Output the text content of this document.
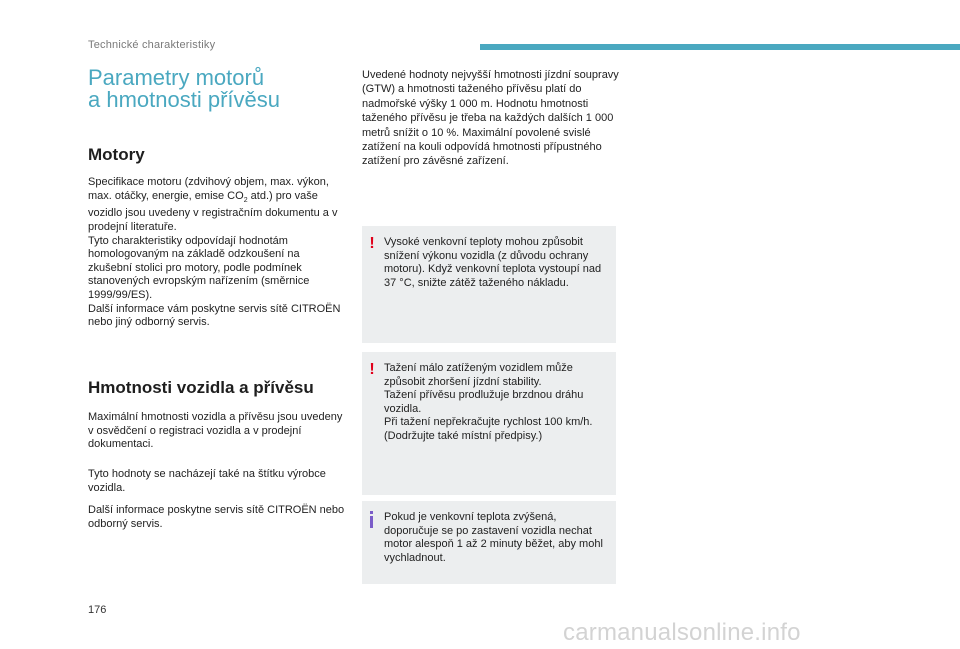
Technické charakteristiky
Parametry motorů
a hmotnosti přívěsu
Motory

Specifikace motoru (zdvihový objem, max. výkon, max. otáčky, energie, emise $CO_2$ atd.) pro vaše vozidlo jsou uvedeny v registračním dokumentu a v prodejní literatuře.

Tyto charakteristiky odpovídají hodnotám homologovaným na základě odzkoušení na zkušební stolici pro motory, podle podmínek stanovených evropským nařízením (směrnice 1999/99/ES).

Další informace vám poskytne servis sítě CITROËN nebo jiný odborný servis.

Hmotnosti vozidla a přívěsu
Maximální hmotnosti vozidla a přívěsu jsou uvedeny v osvědčení o registraci vozidla a v prodejní dokumentaci.
Tyto hodnoty se nacházejí také na štítku výrobce vozidla.
Další informace poskytne servis sítě CITROËN nebo odborný servis.
Uvedené hodnoty nejvyšší hmotnosti jízdní soupravy (GTW) a hmotnosti taženého přívěsu platí do nadmořské výšky 1 000 m. Hodnotu hmotnosti taženého přívěsu je třeba na každých dalších 1 000 metrů snížit o 10 %. Maximální povolené svislé zatížení na kouli odpovídá hmotnosti přípustného zatížení pro závěsné zařízení.
! Vysoké venkovní teploty mohou způsobit snížení výkonu vozidla (z důvodu ochrany motoru). Když venkovní teplota vystoupí nad 37 °C, snižte zátěž taženého nákladu.
! Tažení málo zatíženým vozidlem může způsobit zhoršení jízdní stability.

Tažení přívěsu prodlužuje brzdnou dráhu vozidla.

Při tažení nepřekračujte rychlost 100 km/h. (Dodržujte také místní předpisy.)

Pokud je venkovní teplota zvýšená, doporučuje se po zastavení vozidla nechat motor alespoň 1 až 2 minuty běžet, aby mohl vychladnout.
176
carmanualsonline.info
